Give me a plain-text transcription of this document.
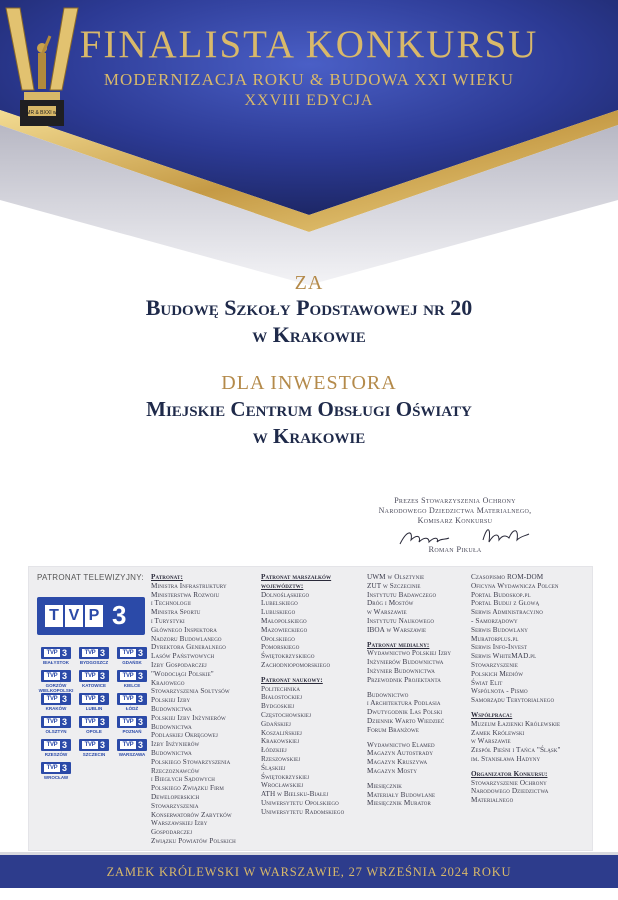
FINALISTA KONKURSU
MODERNIZACJA ROKU & BUDOWA XXI WIEKU
XXVIII EDYCJA
MR & BXXI w.
ZA
Budowę Szkoły Podstawowej nr 20
w Krakowie
DLA INWESTORA
Miejskie Centrum Obsługi Oświaty
w Krakowie
Prezes Stowarzyszenia Ochrony
Narodowego Dziedzictwa Materialnego,
Komisarz Konkursu
Roman Pikuła
PATRONAT TELEWIZYJNY:
T V P 3
TVP 3
BIAŁYSTOK
TVP 3
BYDGOSZCZ
TVP 3
GDAŃSK
TVP 3
GORZÓW WIELKOPOLSKI
TVP 3
KATOWICE
TVP 3
KIELCE
TVP 3
KRAKÓW
TVP 3
LUBLIN
TVP 3
ŁÓDŹ
TVP 3
OLSZTYN
TVP 3
OPOLE
TVP 3
POZNAŃ
TVP 3
RZESZÓW
TVP 3
SZCZECIN
TVP 3
WARSZAWA
TVP 3
WROCŁAW
Patronat:
Ministra Infrastruktury
Ministerstwa Rozwoju
i Technologii
Ministra Sportu
i Turystyki
Głównego Inspektora
Nadzoru Budowlanego
Dyrektora Generalnego
Lasów Państwowych
Izby Gospodarczej
"Wodociągi Polskie"
Krajowego
Stowarzyszenia Sołtysów
Polskiej Izby
Budownictwa
Polskiej Izby Inżynierów
Budownictwa
Podlaskiej Okręgowej
Izby Inżynierów
Budownictwa
Polskiego Stowarzyszenia
Rzeczoznawców
i Biegłych Sądowych
Polskiego Związku Firm
Deweloperskich
Stowarzyszenia
Konserwatorów Zabytków
Warszawskiej Izby
Gospodarczej
Związku Powiatów Polskich
Patronat marszałków
województw:
Dolnośląskiego
Lubelskiego
Lubuskiego
Małopolskiego
Mazowieckiego
Opolskiego
Pomorskiego
Świętokrzyskiego
Zachodniopomorskiego
Patronat naukowy:
Politechnika
Białostockiej
Bydgoskiej
Częstochowskiej
Gdańskiej
Koszalińskiej
Krakowskiej
Łódzkiej
Rzeszowskiej
Śląskiej
Świętokrzyskiej
Wrocławskiej
ATH w Bielsku-Białej
Uniwersytetu Opolskiego
Uniwersytetu Radomskiego
UWM w Olsztynie
ZUT w Szczecinie
Instytutu Badawczego
Dróg i Mostów
w Warszawie
Instytutu Naukowego
IBOA w Warszawie
Patronat medialny:
Wydawnictwo Polskiej Izby
Inżynierów Budownictwa
Inżynier Budownictwa
Przewodnik Projektanta
Budownictwo
i Architektura Podlasia
Dwutygodnik Las Polski
Dziennik Warto Wiedzieć
Forum Branżowe
Wydawnictwo Elamed
Magazyn Autostrady
Magazyn Kruszywa
Magazyn Mosty
Miesięcznik
Materiały Budowlane
Miesięcznik Murator
Czasopismo ROM-DOM
Oficyna Wydawnicza Polcen
Portal Budoskop.pl
Portal Buduj z Głową
Serwis Administracyjno
- Samorządowy
Serwis Budowlany
Muratorplus.pl
Serwis Info-Invest
Serwis WhiteMAD.pl
Stowarzyszenie
Polskich Mediów
Świat Elit
Wspólnota - Pismo
Samorządu Terytorialnego
Współpraca:
Muzeum Łazienki Królewskie
Zamek Królewski
w Warszawie
Zespół Pieśni i Tańca "Śląsk"
im. Stanisława Hadyny
Organizator Konkursu:
Stowarzyszenie Ochrony
Narodowego Dziedzictwa
Materialnego
ZAMEK KRÓLEWSKI W WARSZAWIE, 27 WRZEŚNIA 2024 ROKU
